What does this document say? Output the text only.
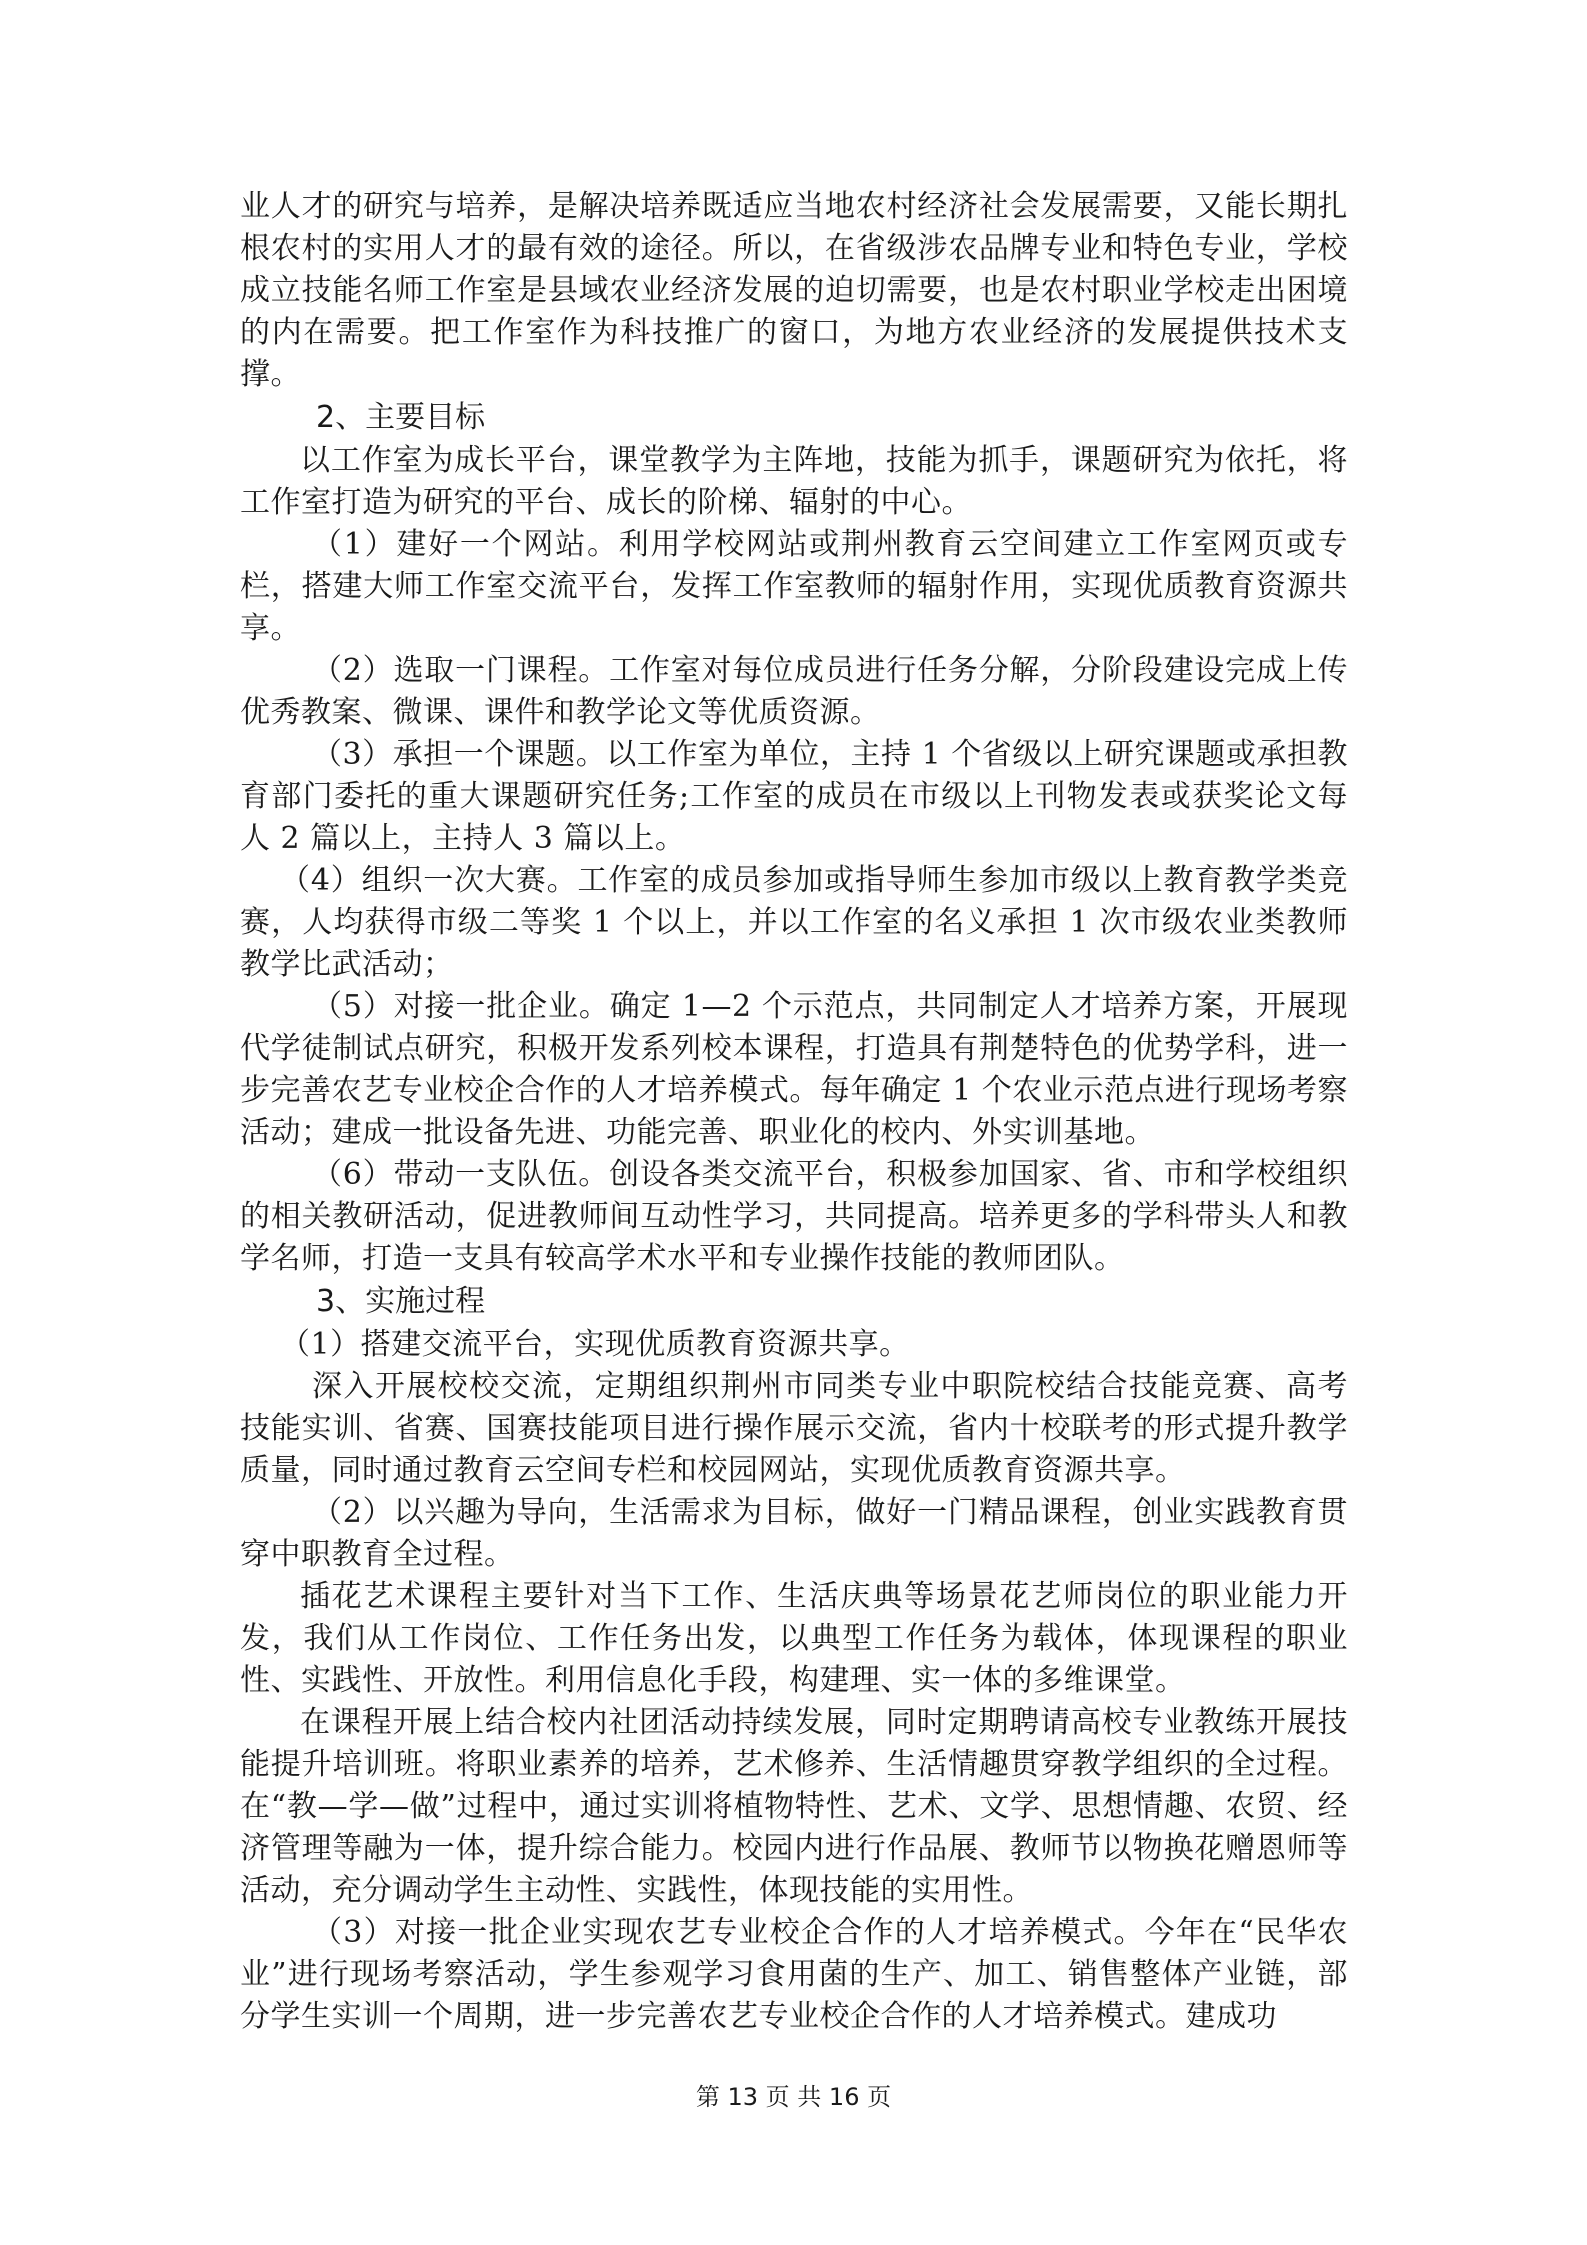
业人才的研究与培养，是解决培养既适应当地农村经济社会发展需要，又能长期扎根农村的实用人才的最有效的途径。所以，在省级涉农品牌专业和特色专业，学校成立技能名师工作室是县域农业经济发展的迫切需要，也是农村职业学校走出困境的内在需要。把工作室作为科技推广的窗口，为地方农业经济的发展提供技术支撑。

2、主要目标

以工作室为成长平台，课堂教学为主阵地，技能为抓手，课题研究为依托，将工作室打造为研究的平台、成长的阶梯、辐射的中心。

（1）建好一个网站。利用学校网站或荆州教育云空间建立工作室网页或专栏，搭建大师工作室交流平台，发挥工作室教师的辐射作用，实现优质教育资源共享。

（2）选取一门课程。工作室对每位成员进行任务分解，分阶段建设完成上传优秀教案、微课、课件和教学论文等优质资源。

（3）承担一个课题。以工作室为单位，主持 1 个省级以上研究课题或承担教育部门委托的重大课题研究任务;工作室的成员在市级以上刊物发表或获奖论文每人 2 篇以上，主持人 3 篇以上。

（4）组织一次大赛。工作室的成员参加或指导师生参加市级以上教育教学类竞赛，人均获得市级二等奖 1 个以上，并以工作室的名义承担 1 次市级农业类教师教学比武活动；

（5）对接一批企业。确定 1—2 个示范点，共同制定人才培养方案，开展现代学徒制试点研究，积极开发系列校本课程，打造具有荆楚特色的优势学科，进一步完善农艺专业校企合作的人才培养模式。每年确定 1 个农业示范点进行现场考察活动；建成一批设备先进、功能完善、职业化的校内、外实训基地。

（6）带动一支队伍。创设各类交流平台，积极参加国家、省、市和学校组织的相关教研活动，促进教师间互动性学习，共同提高。培养更多的学科带头人和教学名师，打造一支具有较高学术水平和专业操作技能的教师团队。

3、实施过程

（1）搭建交流平台，实现优质教育资源共享。

深入开展校校交流，定期组织荆州市同类专业中职院校结合技能竞赛、高考技能实训、省赛、国赛技能项目进行操作展示交流，省内十校联考的形式提升教学质量，同时通过教育云空间专栏和校园网站，实现优质教育资源共享。

（2）以兴趣为导向，生活需求为目标，做好一门精品课程，创业实践教育贯穿中职教育全过程。

插花艺术课程主要针对当下工作、生活庆典等场景花艺师岗位的职业能力开发，我们从工作岗位、工作任务出发，以典型工作任务为载体，体现课程的职业性、实践性、开放性。利用信息化手段，构建理、实一体的多维课堂。

在课程开展上结合校内社团活动持续发展，同时定期聘请高校专业教练开展技能提升培训班。将职业素养的培养，艺术修养、生活情趣贯穿教学组织的全过程。在“教—学—做”过程中，通过实训将植物特性、艺术、文学、思想情趣、农贸、经济管理等融为一体，提升综合能力。校园内进行作品展、教师节以物换花赠恩师等活动，充分调动学生主动性、实践性，体现技能的实用性。

（3）对接一批企业实现农艺专业校企合作的人才培养模式。今年在“民华农业”进行现场考察活动，学生参观学习食用菌的生产、加工、销售整体产业链，部分学生实训一个周期，进一步完善农艺专业校企合作的人才培养模式。建成功

第 13 页 共 16 页
